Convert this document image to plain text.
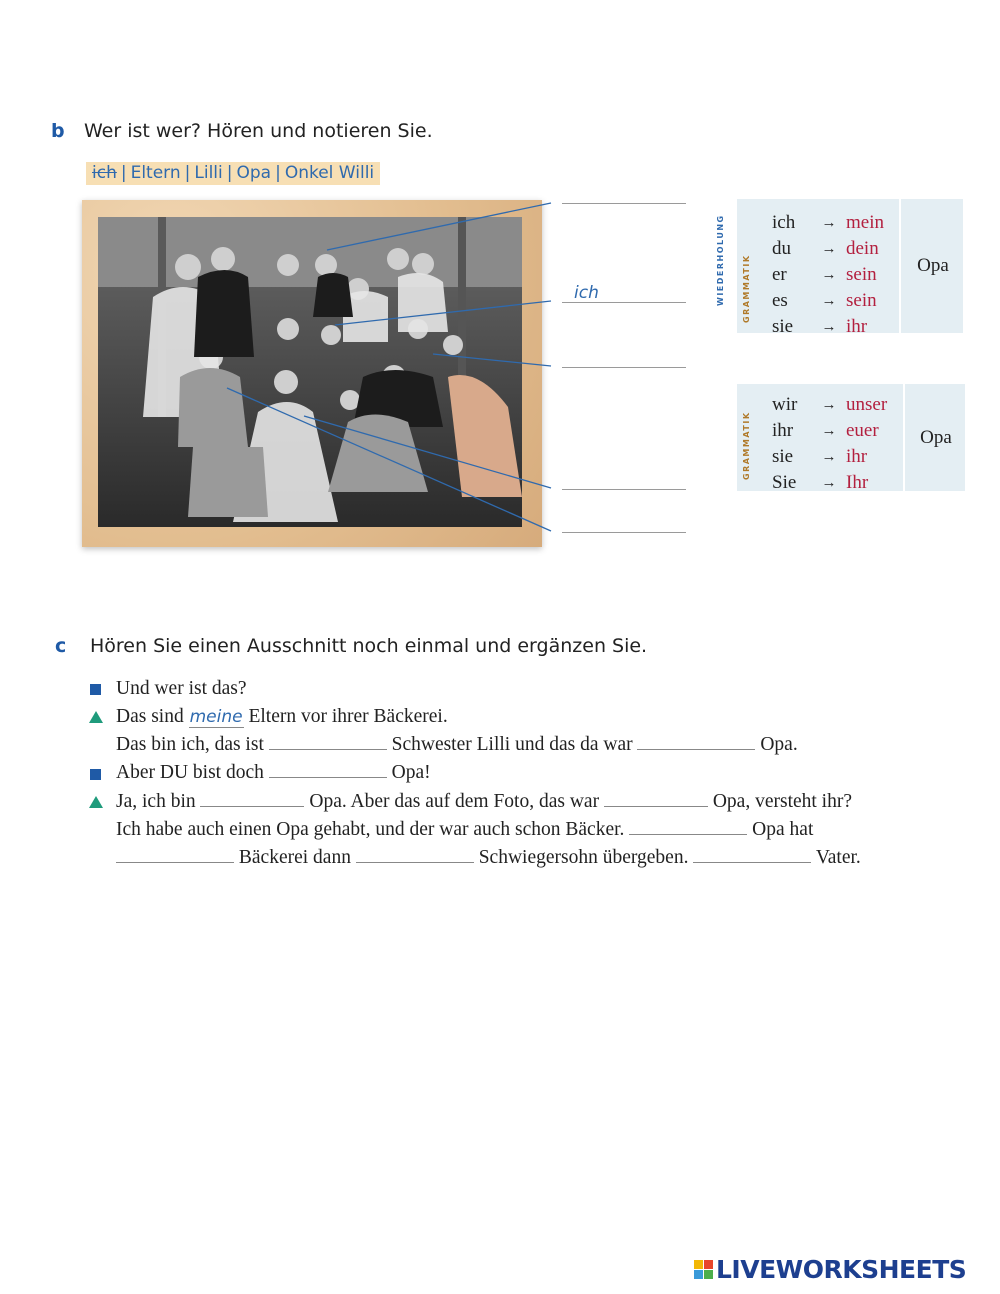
b Wer ist wer? Hören und notieren Sie.
ich | Eltern | Lilli | Opa | Onkel Willi
ich	WIEDERHOLUNG GRAMMATIK
ich	→	mein
du	→	dein
er	→	sein
es	→	sein
sie	→	ihr
Opa
GRAMMATIK
wir	→	unser
ihr	→	euer
sie	→	ihr
Sie	→	Ihr
Opa
c Hören Sie einen Ausschnitt noch einmal und ergänzen Sie.
Und wer ist das?
Das sind meine Eltern vor ihrer Bäckerei.
Das bin ich, das ist	Schwester Lilli und das da war	Opa.
Aber DU bist doch	Opa!
Ja, ich bin	Opa. Aber das auf dem Foto, das war	Opa, versteht ihr?
Ich habe auch einen Opa gehabt, und der war auch schon Bäcker.	Opa hat
Bäckerei dann	Schwiegersohn übergeben.	Vater.
LIVEWORKSHEETS
